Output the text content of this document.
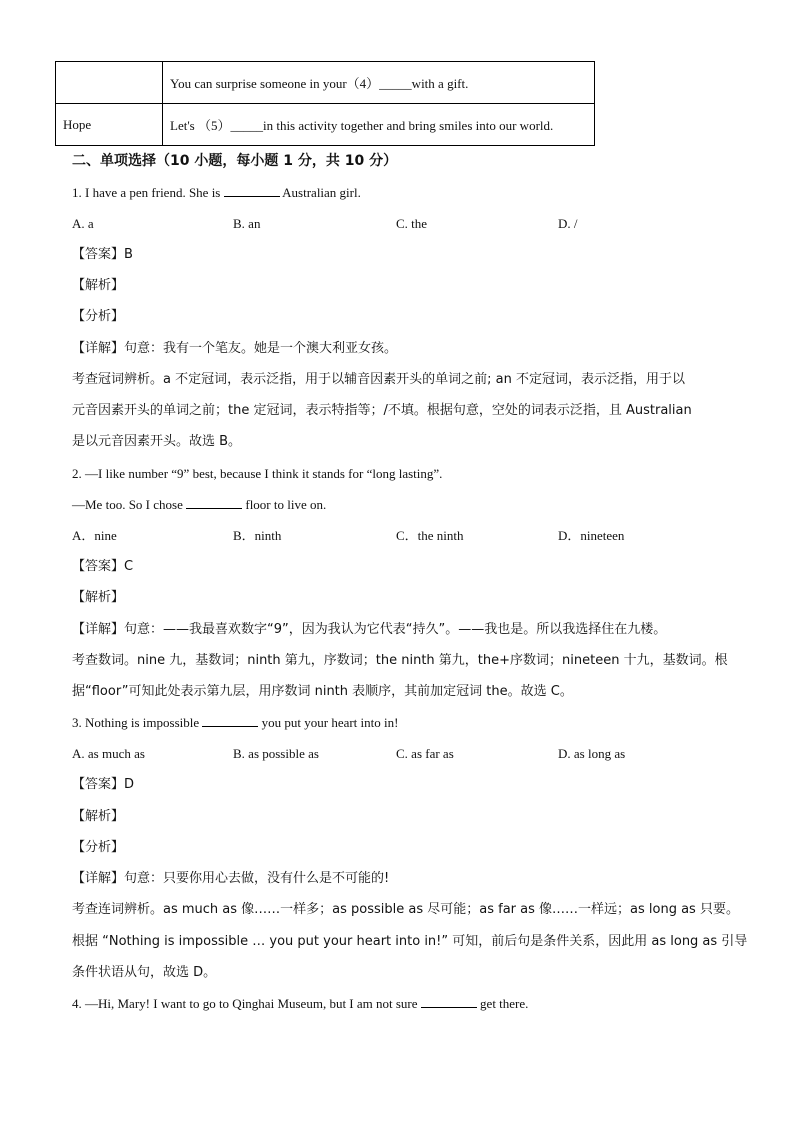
	You can surprise someone in your（4）_____with a gift.
Hope	Let's （5）_____in this activity together and bring smiles into our world.
二、单项选择（10 小题，每小题 1 分，共 10 分）
1. I have a pen friend. She is	Australian girl.
A. a	B. an	C. the	D. /
【答案】B
【解析】
【分析】
【详解】句意：我有一个笔友。她是一个澳大利亚女孩。
考查冠词辨析。a 不定冠词，表示泛指，用于以辅音因素开头的单词之前; an 不定冠词，表示泛指，用于以
元音因素开头的单词之前；the 定冠词，表示特指等；/不填。根据句意，空处的词表示泛指，且 Australian
是以元音因素开头。故选 B。
2. —I like number “9” best, because I think it stands for “long lasting”.
—Me too. So I chose	floor to live on.
A．nine	B．ninth	C．the ninth	D．nineteen
【答案】C
【解析】
【详解】句意：——我最喜欢数字“9”，因为我认为它代表“持久”。——我也是。所以我选择住在九楼。
考查数词。nine 九，基数词；ninth 第九，序数词；the ninth 第九，the+序数词；nineteen 十九，基数词。根
据“floor”可知此处表示第九层，用序数词 ninth 表顺序，其前加定冠词 the。故选 C。
3. Nothing is impossible	you put your heart into in!
A. as much as	B. as possible as	C. as far as	D. as long as
【答案】D
【解析】
【分析】
【详解】句意：只要你用心去做，没有什么是不可能的!
考查连词辨析。as much as 像……一样多；as possible as 尽可能；as far as 像……一样远；as long as 只要。
根据 “Nothing is impossible … you put your heart into in!” 可知，前后句是条件关系，因此用 as long as 引导
条件状语从句，故选 D。
4. —Hi, Mary! I want to go to Qinghai Museum, but I am not sure	get there.
